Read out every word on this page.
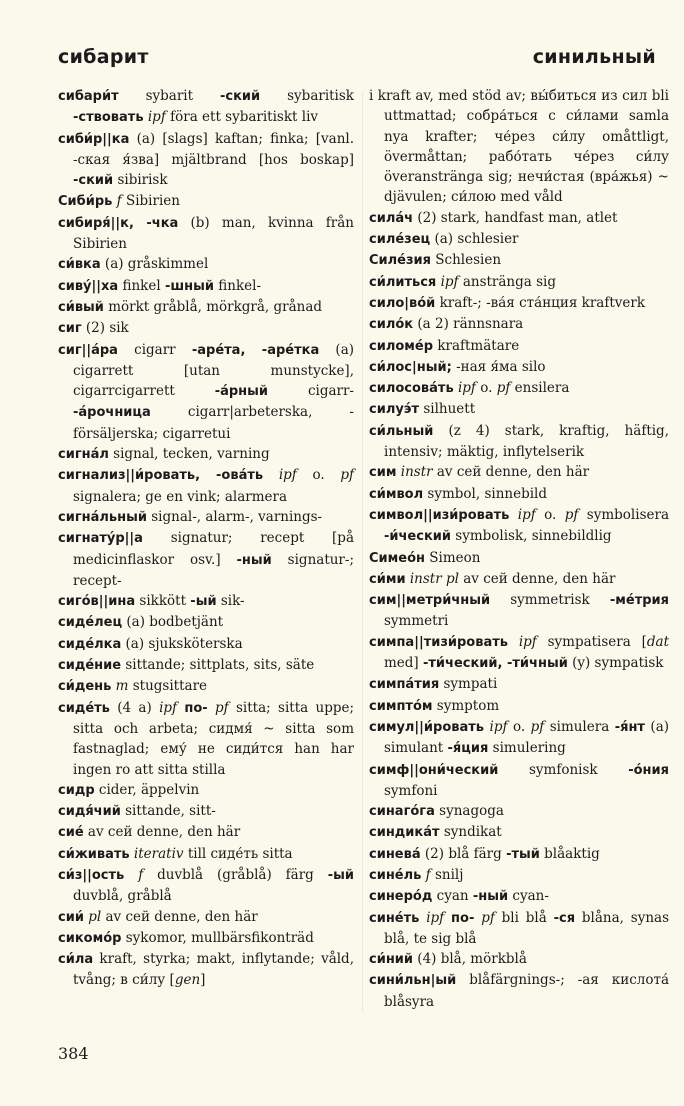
сибарит	синильный

сибари́т sybarit -ский sybaritisk -ствовать ipf föra ett sybaritiskt liv

сиби́р||ка (a) [slags] kaftan; finka; [vanl. -ская я́зва] mjältbrand [hos boskap] -ский sibirisk

Сиби́рь f Sibirien

сибиря́||к, -чка (b) man, kvinna från Sibirien

си́вка (a) gråskimmel

сиву́||ха finkel -шный finkel-

си́вый mörkt gråblå, mörkgrå, grånad

сиг (2) sik

сиг||а́ра cigarr -аре́та, -аре́тка (a) cigarrett [utan munstycke], cigarrcigarrett -а́рный cigarr- -а́рочница cigarr|arbeterska, -försäljerska; cigarretui

сигна́л signal, tecken, varning

сигнализ||и́ровать, -ова́ть ipf o. pf signalera; ge en vink; alarmera

сигна́льный signal-, alarm-, varnings-

сигнату́р||а signatur; recept [på medicinflaskor osv.] -ный signatur-; recept-

сиго́в||ина sikkött -ый sik-

сиде́лец (a) bodbetjänt

сиде́лка (a) sjuksköterska

сиде́ние sittande; sittplats, sits, säte

си́день m stugsittare

сиде́ть (4 a) ipf по- pf sitta; sitta uppe; sitta och arbeta; сидмя́ ~ sitta som fastnaglad; ему́ не сиди́тся han har ingen ro att sitta stilla

сидр cider, äppelvin

сидя́чий sittande, sitt-

сие́ av сей denne, den här

си́живать iterativ till сиде́ть sitta

си́з||ость f duvblå (gråblå) färg -ый duvblå, gråblå

сии́ pl av сей denne, den här

сикомо́р sykomor, mullbärsfikonträd

си́ла kraft, styrka; makt, inflytande; våld, tvång; в си́лу [gen]

i kraft av, med stöd av; вы́биться из сил bli uttmattad; собра́ться с си́лами samla nya krafter; че́рез си́лу omåttligt, övermåttan; рабо́тать че́рез си́лу överanstränga sig; нечи́стая (вра́жья) ~ djävulen; си́лою med våld

сила́ч (2) stark, handfast man, atlet

силе́зец (a) schlesier

Силе́зия Schlesien

си́литься ipf anstränga sig

сило|во́й kraft-; -ва́я ста́нция kraftverk

сило́к (a 2) rännsnara

силоме́р kraftmätare

си́лос|ный; -ная я́ма silo

силосова́ть ipf o. pf ensilera

силуэ́т silhuett

си́льный (z 4) stark, kraftig, häftig, intensiv; mäktig, inflytelserik

сим instr av сей denne, den här

си́мвол symbol, sinnebild

символ||изи́ровать ipf o. pf symbolisera -и́ческий symbolisk, sinnebildlig

Симео́н Simeon

си́ми instr pl av сей denne, den här

сим||метри́чный symmetrisk -ме́трия symmetri

симпа||тизи́ровать ipf sympatisera [dat med] -ти́ческий, -ти́чный (y) sympatisk

симпа́тия sympati

симпто́м symptom

симул||и́ровать ipf o. pf simulera -я́нт (a) simulant -я́ция simulering

симф||они́ческий symfonisk -о́ния symfoni

синаго́га synagoga

синдика́т syndikat

синева́ (2) blå färg -тый blåaktig

сине́ль f snilj

синеро́д cyan -ный cyan-

сине́ть ipf по- pf bli blå -ся blåna, synas blå, te sig blå

си́ний (4) blå, mörkblå

сини́льн|ый blåfärgnings-; -ая кислота́ blåsyra

384
